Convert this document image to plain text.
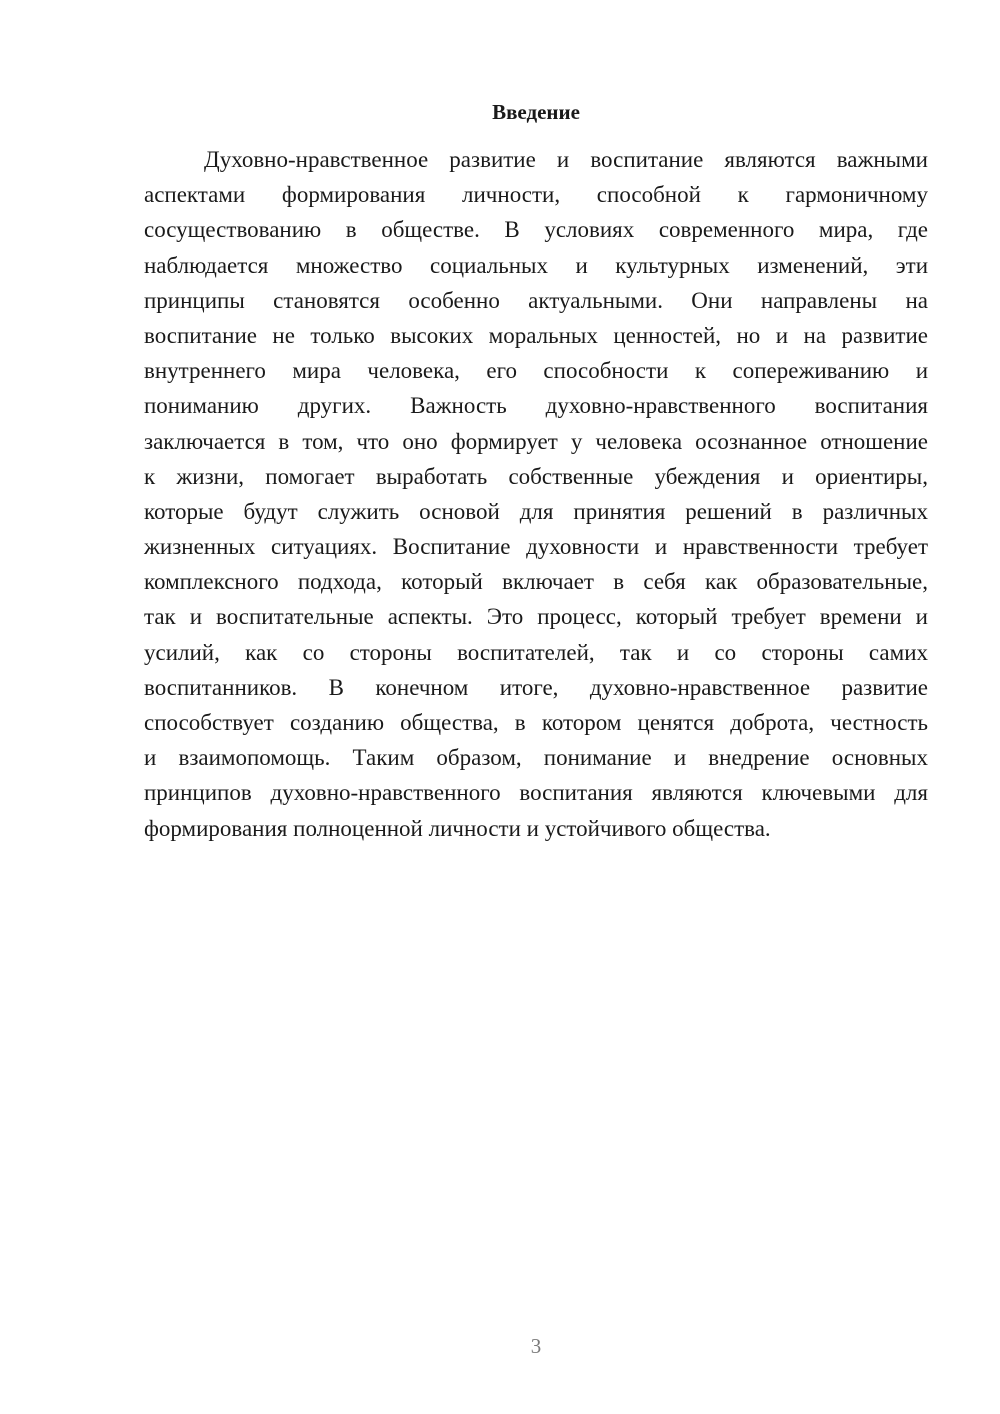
Введение
Духовно-нравственное развитие и воспитание являются важными
аспектами формирования личности, способной к гармоничному
сосуществованию в обществе. В условиях современного мира, где
наблюдается множество социальных и культурных изменений, эти
принципы становятся особенно актуальными. Они направлены на
воспитание не только высоких моральных ценностей, но и на развитие
внутреннего мира человека, его способности к сопереживанию и
пониманию других. Важность духовно-нравственного воспитания
заключается в том, что оно формирует у человека осознанное отношение
к жизни, помогает выработать собственные убеждения и ориентиры,
которые будут служить основой для принятия решений в различных
жизненных ситуациях. Воспитание духовности и нравственности требует
комплексного подхода, который включает в себя как образовательные,
так и воспитательные аспекты. Это процесс, который требует времени и
усилий, как со стороны воспитателей, так и со стороны самих
воспитанников. В конечном итоге, духовно-нравственное развитие
способствует созданию общества, в котором ценятся доброта, честность
и взаимопомощь. Таким образом, понимание и внедрение основных
принципов духовно-нравственного воспитания являются ключевыми для
формирования полноценной личности и устойчивого общества.
3
